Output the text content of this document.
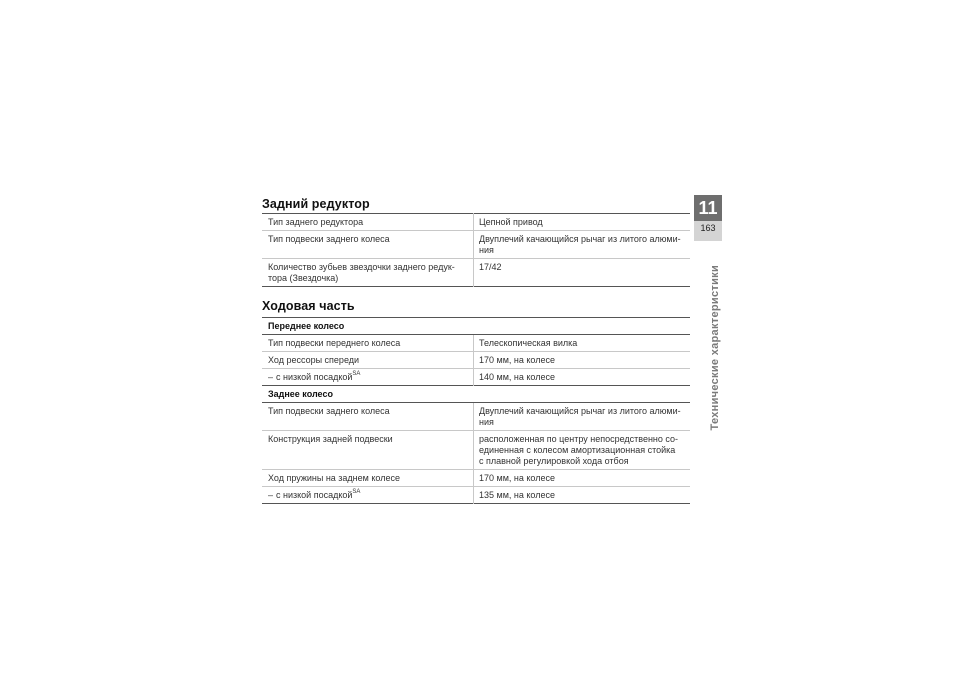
Задний редуктор
Тип заднего редуктора	Цепной привод
Тип подвески заднего колеса	Двуплечий качающийся рычаг из литого алюми-
ния
Количество зубьев звездочки заднего редук-
тора (Звездочка)	17/42
Ходовая часть
Переднее колесо	
Тип подвески переднего колеса	Телескопическая вилка
Ход рессоры спереди	170 мм, на колесе
– с низкой посадкой$^{SA}$	140 мм, на колесе
Заднее колесо	
Тип подвески заднего колеса	Двуплечий качающийся рычаг из литого алюми-
ния
Конструкция задней подвески	расположенная по центру непосредственно со-
единенная с колесом амортизационная стойка
с плавной регулировкой хода отбоя
Ход пружины на заднем колесе	170 мм, на колесе
– с низкой посадкой$^{SA}$	135 мм, на колесе
11
163
Технические характеристики
